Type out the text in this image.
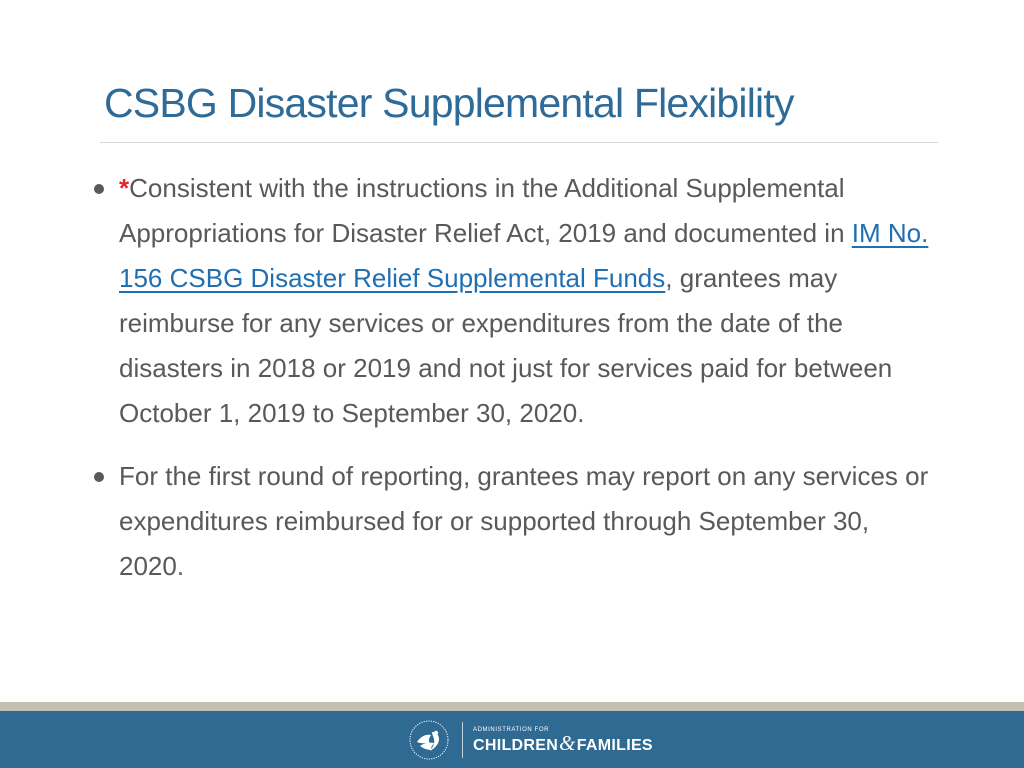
CSBG Disaster Supplemental Flexibility
*Consistent with the instructions in the Additional Supplemental Appropriations for Disaster Relief Act, 2019 and documented in IM No. 156 CSBG Disaster Relief Supplemental Funds, grantees may reimburse for any services or expenditures from the date of the disasters in 2018 or 2019 and not just for services paid for between October 1, 2019 to September 30, 2020.
For the first round of reporting, grantees may report on any services or expenditures reimbursed for or supported through September 30, 2020.
ADMINISTRATION FOR
CHILDREN&FAMILIES
